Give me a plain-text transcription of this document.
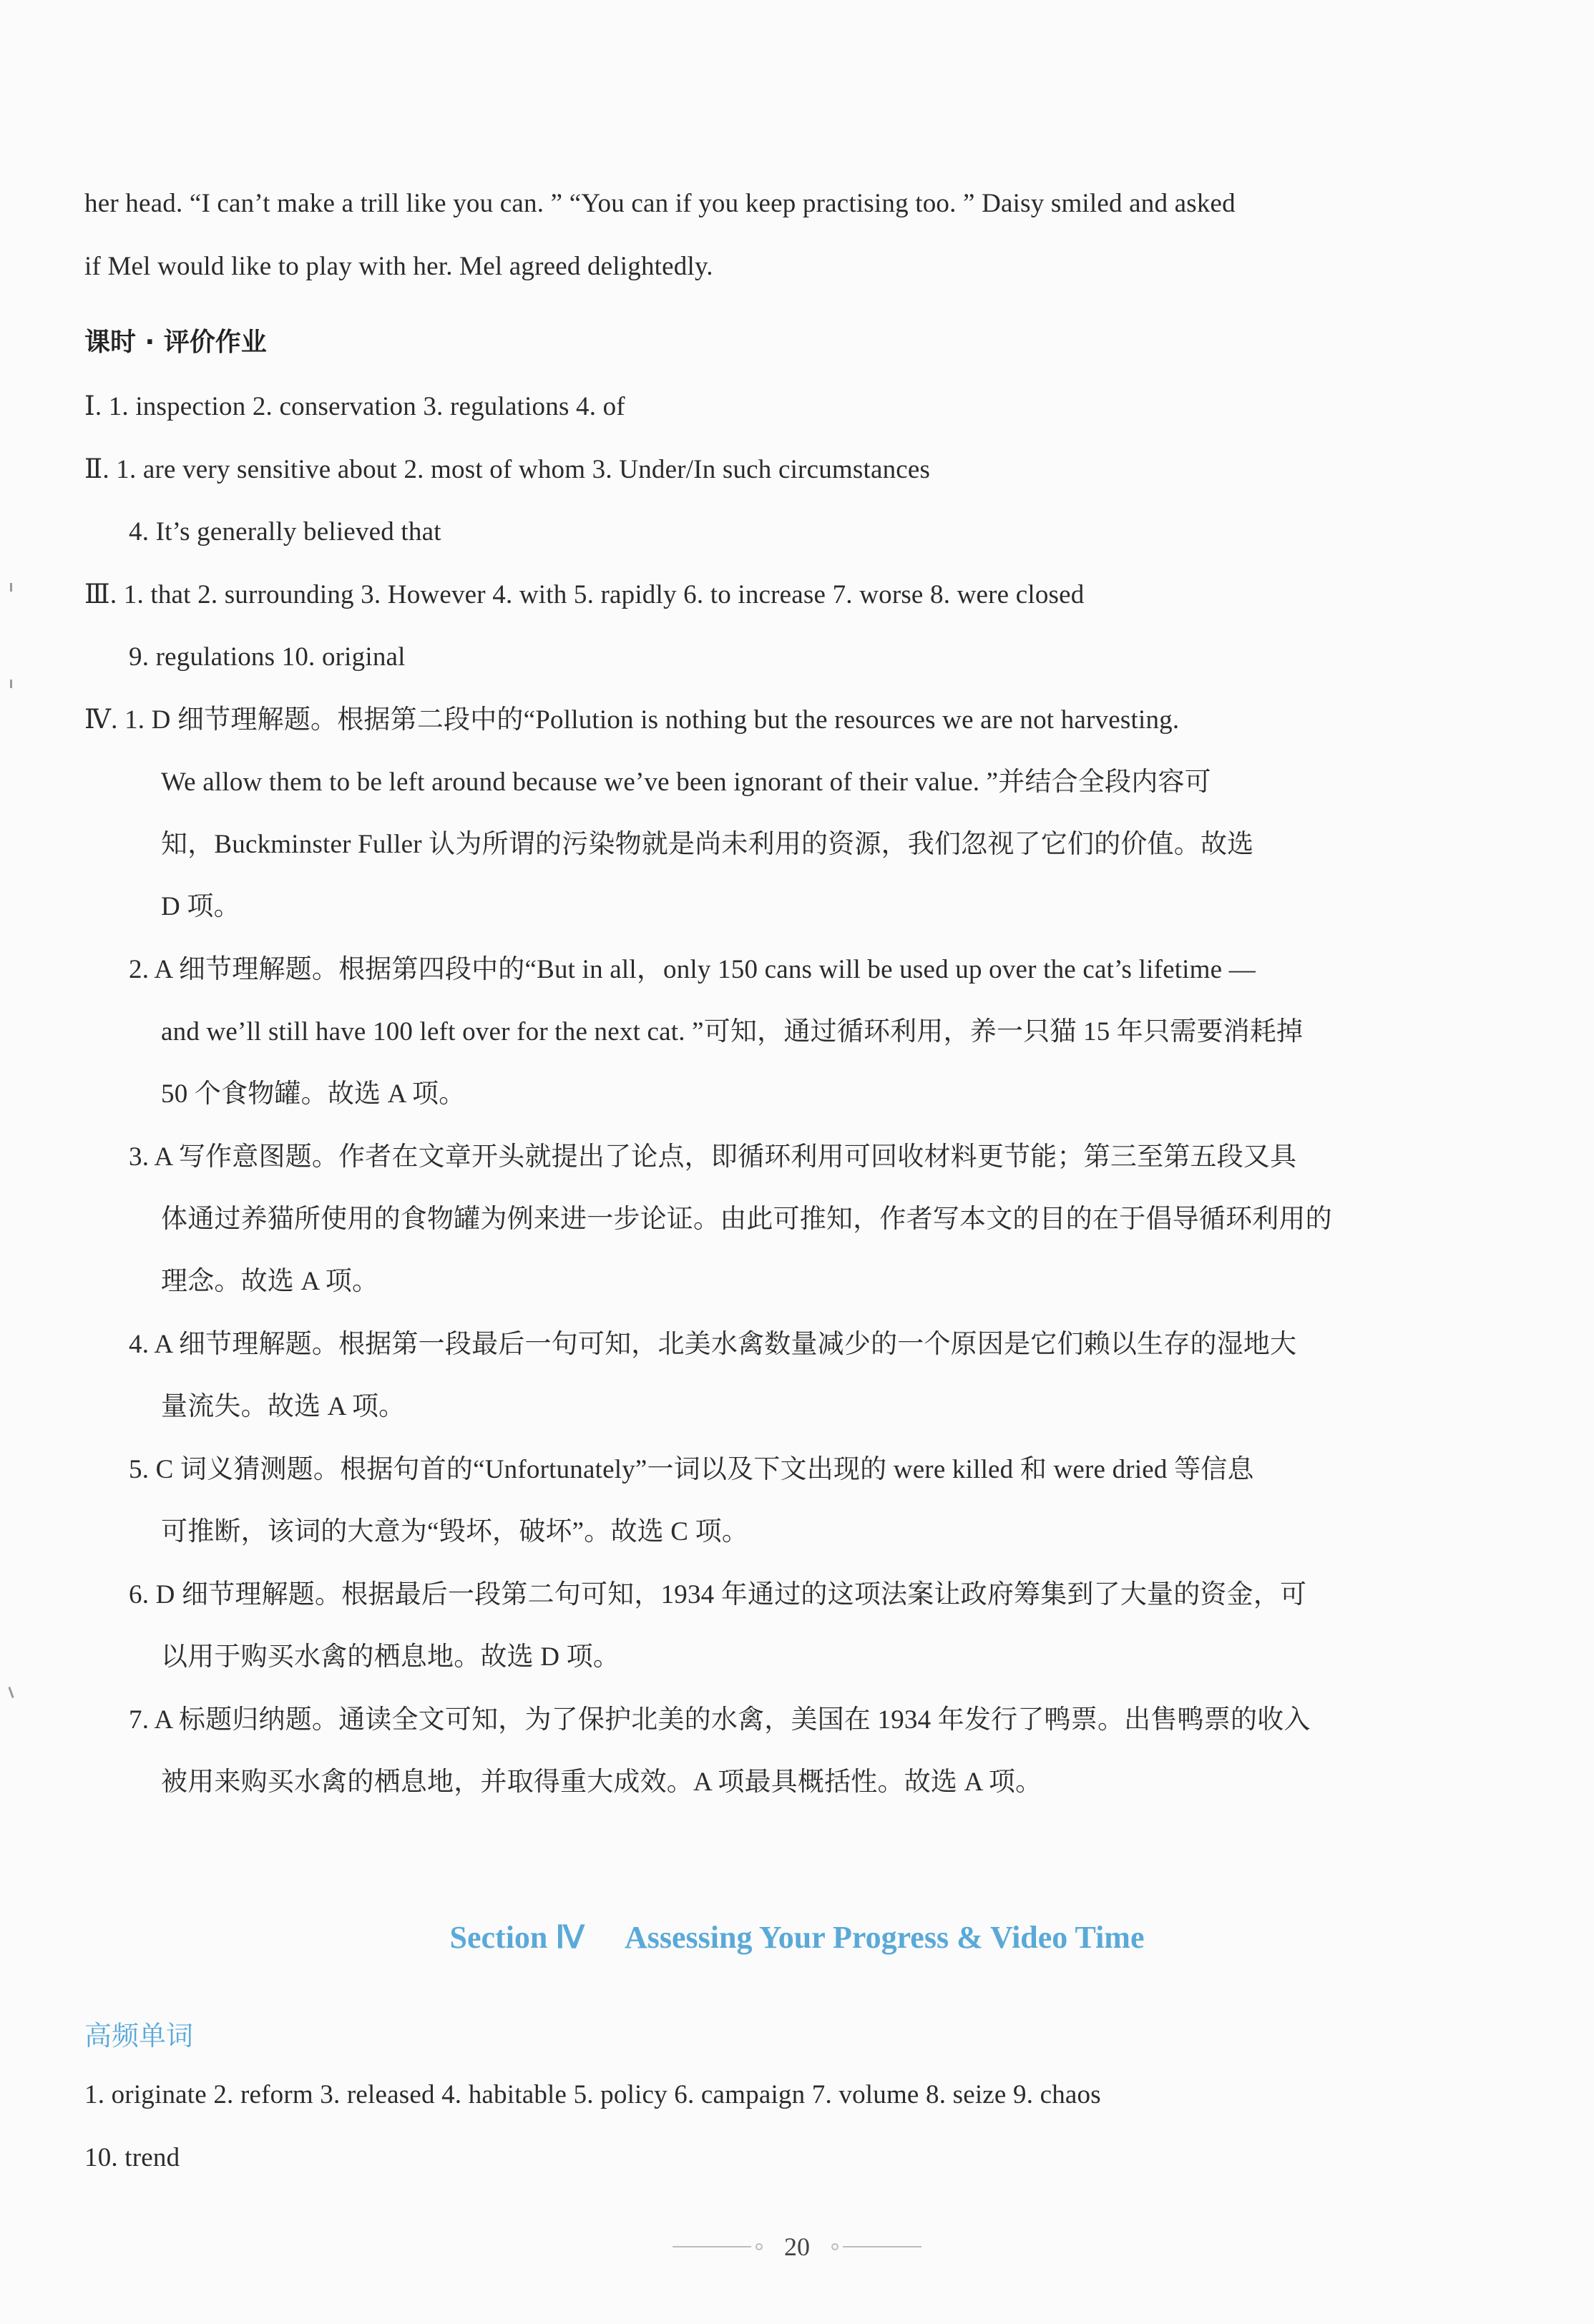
her head. “I can’t make a trill like you can. ” “You can if you keep practising too. ” Daisy smiled and asked
if Mel would like to play with her. Mel agreed delightedly.
课时 · 评价作业
Ⅰ. 1. inspection 2. conservation 3. regulations 4. of
Ⅱ. 1. are very sensitive about 2. most of whom 3. Under/In such circumstances
4. It’s generally believed that
Ⅲ. 1. that 2. surrounding 3. However 4. with 5. rapidly 6. to increase 7. worse 8. were closed
9. regulations 10. original
Ⅳ. 1. D 细节理解题。根据第二段中的“Pollution is nothing but the resources we are not harvesting.
We allow them to be left around because we’ve been ignorant of their value. ”并结合全段内容可
知，Buckminster Fuller 认为所谓的污染物就是尚未利用的资源，我们忽视了它们的价值。故选
D 项。
2. A 细节理解题。根据第四段中的“But in all，only 150 cans will be used up over the cat’s lifetime —
and we’ll still have 100 left over for the next cat. ”可知，通过循环利用，养一只猫 15 年只需要消耗掉
50 个食物罐。故选 A 项。
3. A 写作意图题。作者在文章开头就提出了论点，即循环利用可回收材料更节能；第三至第五段又具
体通过养猫所使用的食物罐为例来进一步论证。由此可推知，作者写本文的目的在于倡导循环利用的
理念。故选 A 项。
4. A 细节理解题。根据第一段最后一句可知，北美水禽数量减少的一个原因是它们赖以生存的湿地大
量流失。故选 A 项。
5. C 词义猜测题。根据句首的“Unfortunately”一词以及下文出现的 were killed 和 were dried 等信息
可推断，该词的大意为“毁坏，破坏”。故选 C 项。
6. D 细节理解题。根据最后一段第二句可知，1934 年通过的这项法案让政府筹集到了大量的资金，可
以用于购买水禽的栖息地。故选 D 项。
7. A 标题归纳题。通读全文可知，为了保护北美的水禽，美国在 1934 年发行了鸭票。出售鸭票的收入
被用来购买水禽的栖息地，并取得重大成效。A 项最具概括性。故选 A 项。
Section Ⅳ Assessing Your Progress & Video Time
高频单词
1. originate 2. reform 3. released 4. habitable 5. policy 6. campaign 7. volume 8. seize 9. chaos
10. trend
20
